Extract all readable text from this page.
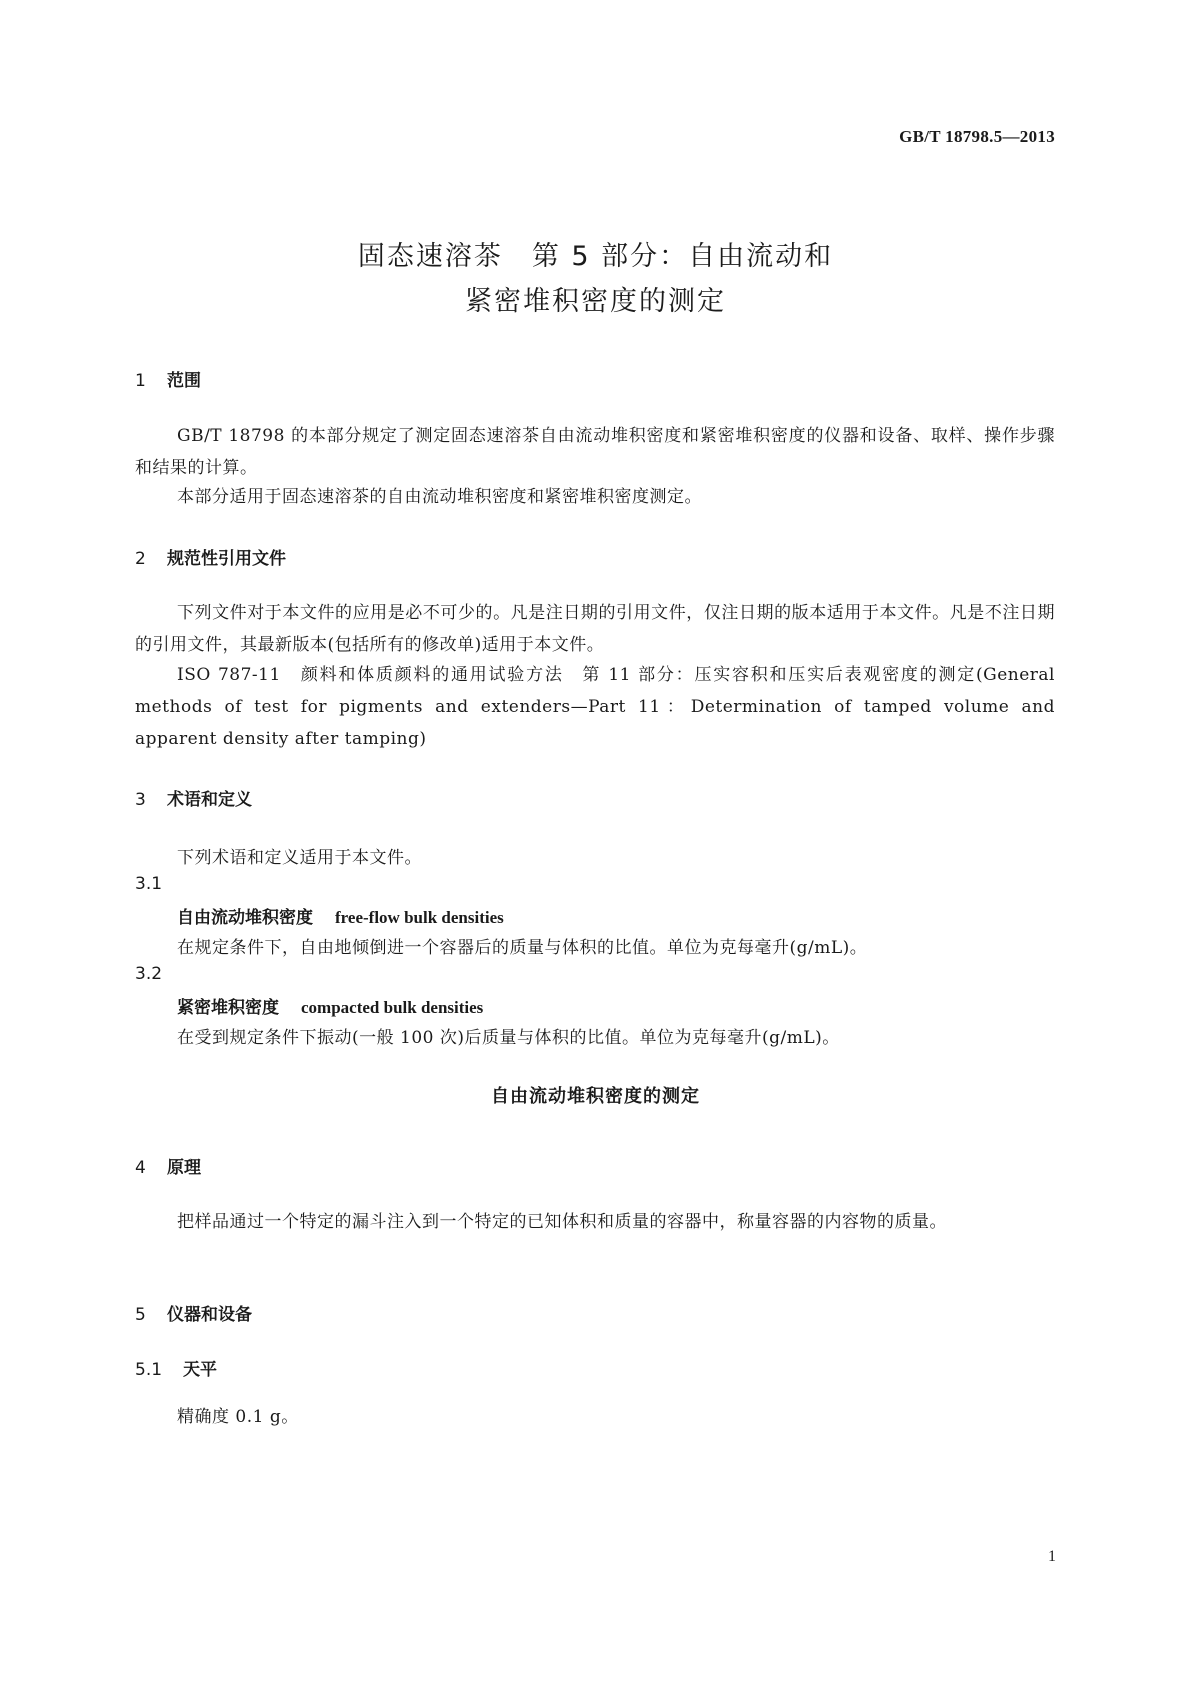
GB/T 18798.5—2013
固态速溶茶　第 5 部分：自由流动和
紧密堆积密度的测定
1 范围
GB/T 18798 的本部分规定了测定固态速溶茶自由流动堆积密度和紧密堆积密度的仪器和设备、取样、操作步骤和结果的计算。
本部分适用于固态速溶茶的自由流动堆积密度和紧密堆积密度测定。
2 规范性引用文件
下列文件对于本文件的应用是必不可少的。凡是注日期的引用文件，仅注日期的版本适用于本文件。凡是不注日期的引用文件，其最新版本(包括所有的修改单)适用于本文件。
ISO 787-11　颜料和体质颜料的通用试验方法　第 11 部分：压实容积和压实后表观密度的测定(General methods of test for pigments and extenders—Part 11：Determination of tamped volume and apparent density after tamping)
3 术语和定义
下列术语和定义适用于本文件。
3.1
自由流动堆积密度 free-flow bulk densities
在规定条件下，自由地倾倒进一个容器后的质量与体积的比值。单位为克每毫升(g/mL)。
3.2
紧密堆积密度 compacted bulk densities
在受到规定条件下振动(一般 100 次)后质量与体积的比值。单位为克每毫升(g/mL)。
自由流动堆积密度的测定
4 原理
把样品通过一个特定的漏斗注入到一个特定的已知体积和质量的容器中，称量容器的内容物的质量。
5 仪器和设备
5.1 天平
精确度 0.1 g。
1
